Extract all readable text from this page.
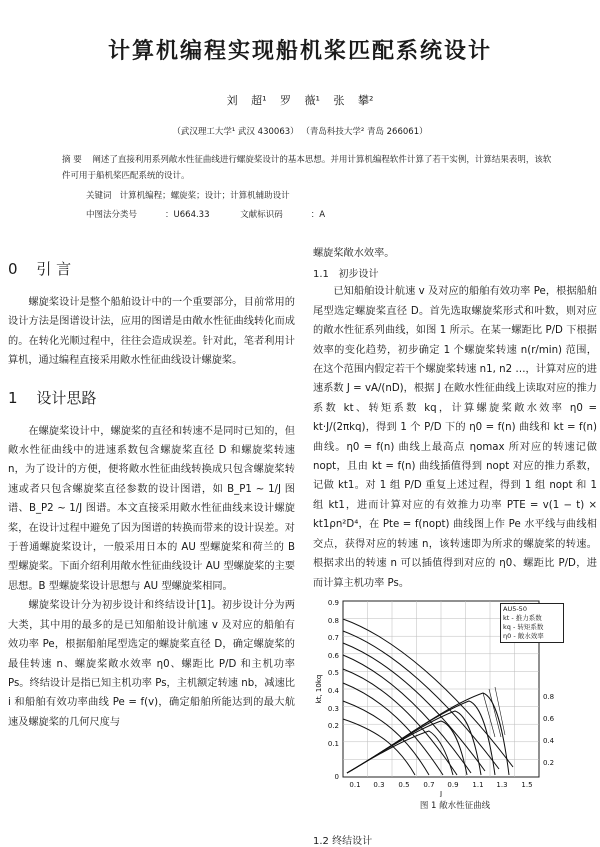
计算机编程实现船机桨匹配系统设计
刘 超¹ 罗 薇¹ 张 攀²
（武汉理工大学¹ 武汉 430063） （青岛科技大学² 青岛 266061）
摘 要 阐述了直接利用系列敞水性征曲线进行螺旋桨设计的基本思想。并用计算机编程软件计算了若干实例，计算结果表明，该软件可用于船机桨匹配系统的设计。
关键词 计算机编程；螺旋桨；设计；计算机辅助设计
中图法分类号	：U664.33	文献标识码	：A
0 引 言

螺旋桨设计是整个船舶设计中的一个重要部分，目前常用的设计方法是图谱设计法，应用的图谱是由敞水性征曲线转化而成的。在转化光顺过程中，往往会造成误差。针对此，笔者利用计算机，通过编程直接采用敞水性征曲线设计螺旋桨。

1 设计思路

在螺旋桨设计中，螺旋桨的直径和转速不是同时已知的，但敞水性征曲线中的进速系数包含螺旋桨直径 D 和螺旋桨转速 n，为了设计的方便，便将敞水性征曲线转换成只包含螺旋桨转速或者只包含螺旋桨直径参数的设计图谱，如 B_P1 ~ 1/J 图谱、B_P2 ~ 1/J 图谱。本文直接采用敞水性征曲线来设计螺旋桨，在设计过程中避免了因为图谱的转换而带来的设计误差。对于普通螺旋桨设计，一般采用日本的 AU 型螺旋桨和荷兰的 B 型螺旋桨。下面介绍利用敞水性征曲线设计 AU 型螺旋桨的主要思想。B 型螺旋桨设计思想与 AU 型螺旋桨相同。

螺旋桨设计分为初步设计和终结设计[1]。初步设计分为两大类，其中用的最多的是已知船舶设计航速 v 及对应的船舶有效功率 Pe，根据船舶尾型选定的螺旋桨直径 D，确定螺旋桨的最佳转速 n、螺旋桨敞水效率 η0、螺距比 P/D 和主机功率 Ps。终结设计是指已知主机功率 Ps，主机额定转速 nb，减速比 i 和船舶有效功率曲线 Pe = f(v)，确定船舶所能达到的最大航速及螺旋桨的几何尺度与

螺旋桨敞水效率。

1.1 初步设计

已知船舶设计航速 v 及对应的船舶有效功率 Pe，根据船舶尾型选定螺旋桨直径 D。首先选取螺旋桨形式和叶数，则对应的敞水性征系列曲线，如图 1 所示。在某一螺距比 P/D 下根据效率的变化趋势，初步确定 1 个螺旋桨转速 n(r/min) 范围，在这个范围内假定若干个螺旋桨转速 n1, n2 …，计算对应的进速系数 J = vA/(nD)，根据 J 在敞水性征曲线上读取对应的推力系数 kt、转矩系数 kq，计算螺旋桨敞水效率 η0 = kt·J/(2πkq)，得到 1 个 P/D 下的 η0 = f(n) 曲线和 kt = f(n) 曲线。η0 = f(n) 曲线上最高点 ηomax 所对应的转速记做 nopt，且由 kt = f(n) 曲线插值得到 nopt 对应的推力系数，记做 kt1。对 1 组 P/D 重复上述过程，得到 1 组 nopt 和 1 组 kt1，进而计算对应的有效推力功率 PTE = v(1 − t) × kt1ρn²D⁴，在 Pte = f(nopt) 曲线图上作 Pe 水平线与曲线相交点，获得对应的转速 n，该转速即为所求的螺旋桨的转速。根据求出的转速 n 可以插值得到对应的 η0、螺距比 P/D，进而计算主机功率 Ps。

0.9
0.8
0.7
0.6
0.5
0.4
0.3
0.2
0.1
0
0.8
0.6
0.4
0.2
0.1 0.3 0.5 0.7 0.9 1.1 1.3 1.5
J
kt, 10kq
AU5-50
kt - 推力系数
kq - 转矩系数
η0 - 敞水效率
图 1 敞水性征曲线
1.2 终结设计
